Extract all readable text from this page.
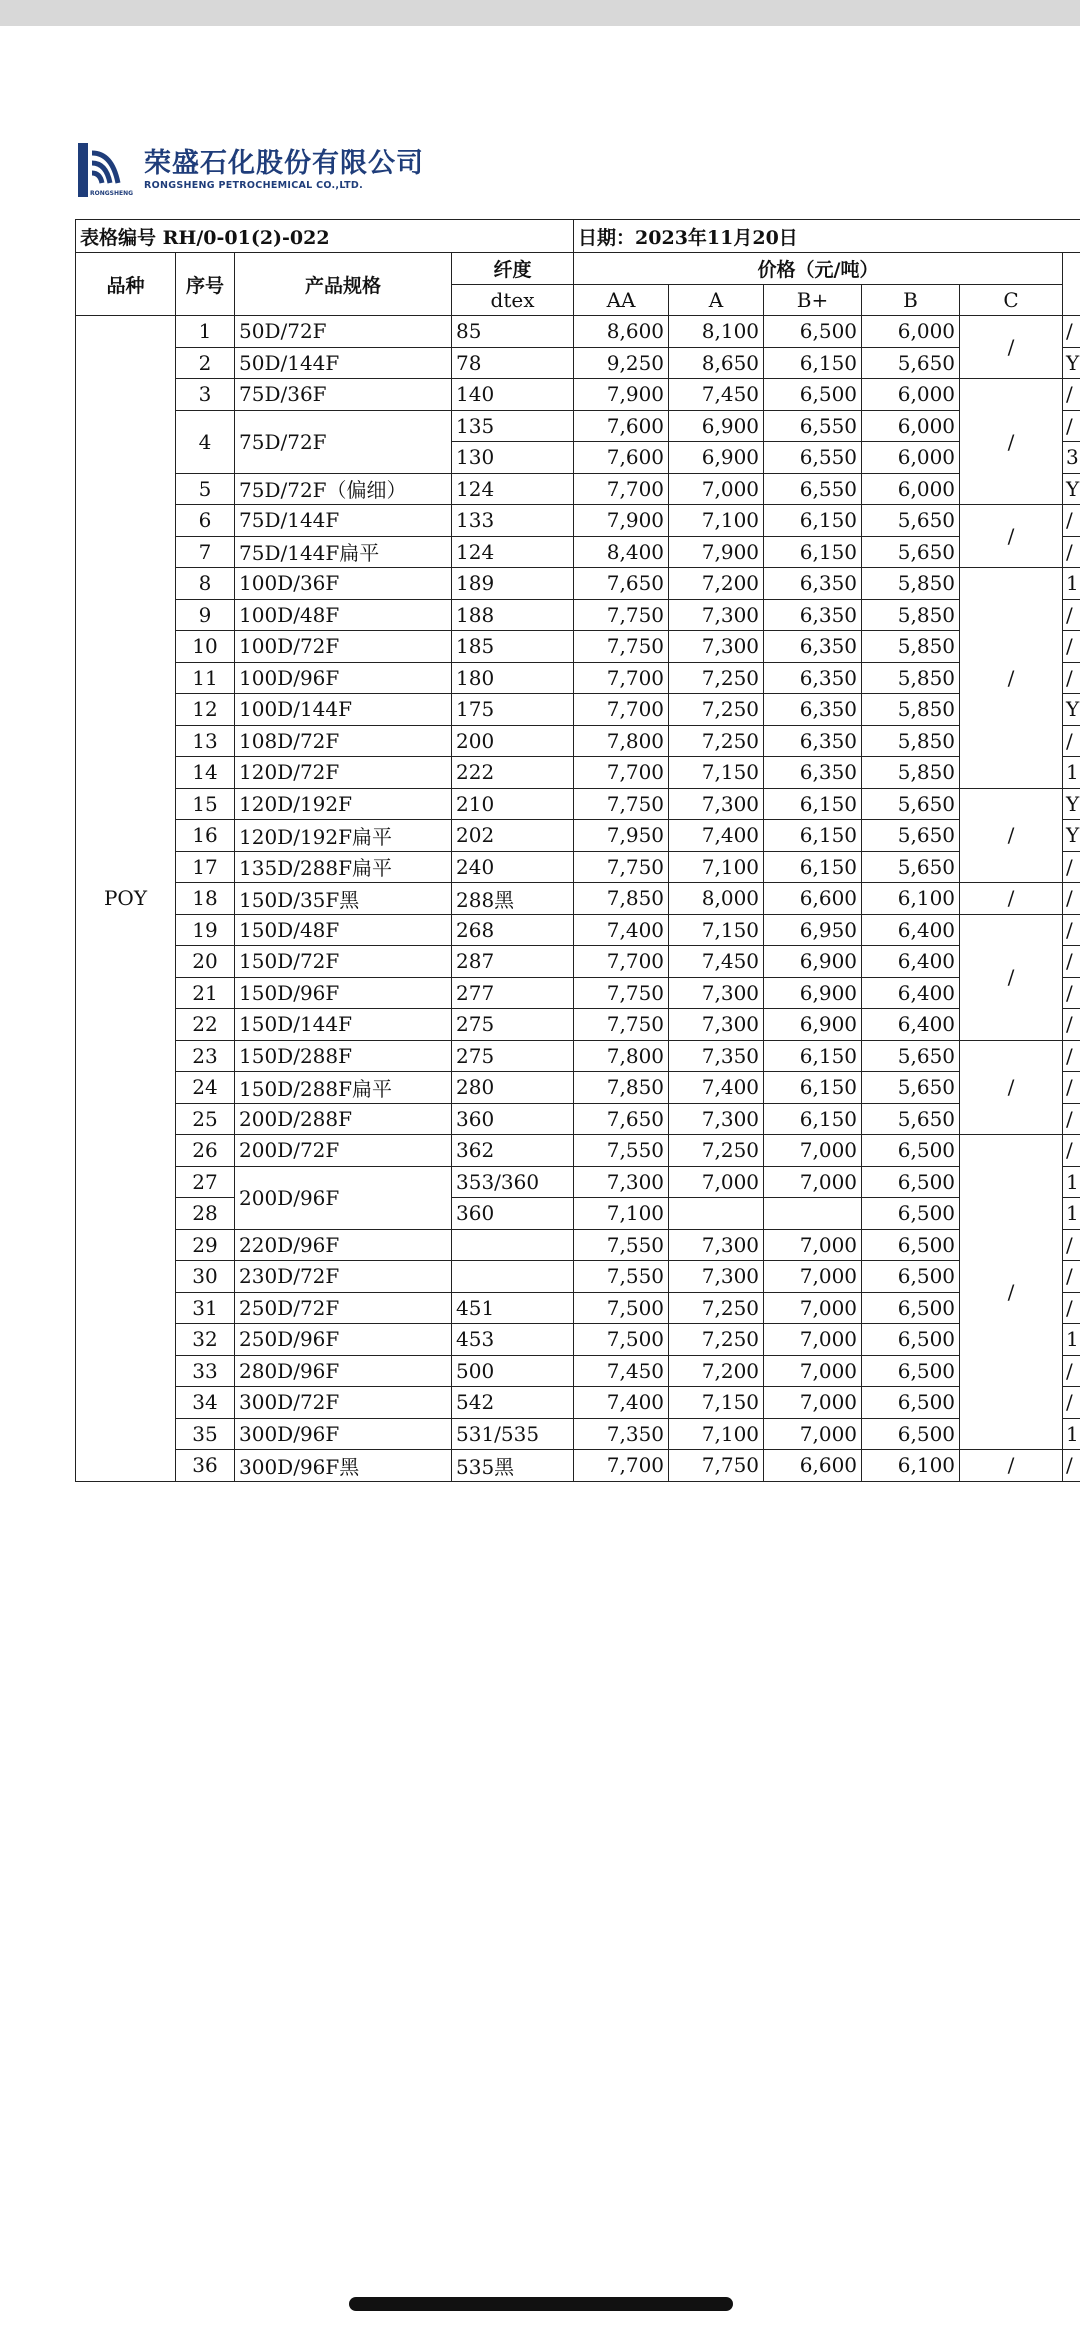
RONGSHENG
荣盛石化股份有限公司
RONGSHENG PETROCHEMICAL CO.,LTD.
表格编号 RH/0-01(2)-022				日期：2023年11月20日						
品种	序号	产品规格	纤度	价格（元/吨）						
			dtex	AA	A	B+	B	C		
POY	1	50D/72F	85	8,600	8,100	6,500	6,000	/	/	
	2	50D/144F	78	9,250	8,650	6,150	5,650		Y	
	3	75D/36F	140	7,900	7,450	6,500	6,000	/	/	
	4	75D/72F	135	7,600	6,900	6,550	6,000		/	
			130	7,600	6,900	6,550	6,000		3	
	5	75D/72F（偏细）	124	7,700	7,000	6,550	6,000		Y	
	6	75D/144F	133	7,900	7,100	6,150	5,650	/	/	
	7	75D/144F扁平	124	8,400	7,900	6,150	5,650		/	
	8	100D/36F	189	7,650	7,200	6,350	5,850	/	1	
	9	100D/48F	188	7,750	7,300	6,350	5,850		/	
	10	100D/72F	185	7,750	7,300	6,350	5,850		/	
	11	100D/96F	180	7,700	7,250	6,350	5,850		/	
	12	100D/144F	175	7,700	7,250	6,350	5,850		Y	
	13	108D/72F	200	7,800	7,250	6,350	5,850		/	
	14	120D/72F	222	7,700	7,150	6,350	5,850		1	
	15	120D/192F	210	7,750	7,300	6,150	5,650	/	Y	
	16	120D/192F扁平	202	7,950	7,400	6,150	5,650		Y	
	17	135D/288F扁平	240	7,750	7,100	6,150	5,650		/	
	18	150D/35F黑	288黑	7,850	8,000	6,600	6,100	/	/	
	19	150D/48F	268	7,400	7,150	6,950	6,400	/	/	
	20	150D/72F	287	7,700	7,450	6,900	6,400		/	
	21	150D/96F	277	7,750	7,300	6,900	6,400		/	
	22	150D/144F	275	7,750	7,300	6,900	6,400		/	
	23	150D/288F	275	7,800	7,350	6,150	5,650	/	/	
	24	150D/288F扁平	280	7,850	7,400	6,150	5,650		/	
	25	200D/288F	360	7,650	7,300	6,150	5,650		/	
	26	200D/72F	362	7,550	7,250	7,000	6,500	/	/	
	27	200D/96F	353/360	7,300	7,000	7,000	6,500		1	
	28		360	7,100			6,500		1	
	29	220D/96F		7,550	7,300	7,000	6,500		/	
	30	230D/72F		7,550	7,300	7,000	6,500		/	
	31	250D/72F	451	7,500	7,250	7,000	6,500		/	
	32	250D/96F	453	7,500	7,250	7,000	6,500		1	
	33	280D/96F	500	7,450	7,200	7,000	6,500		/	
	34	300D/72F	542	7,400	7,150	7,000	6,500		/	
	35	300D/96F	531/535	7,350	7,100	7,000	6,500		1	
	36	300D/96F黑	535黑	7,700	7,750	6,600	6,100	/	/	
